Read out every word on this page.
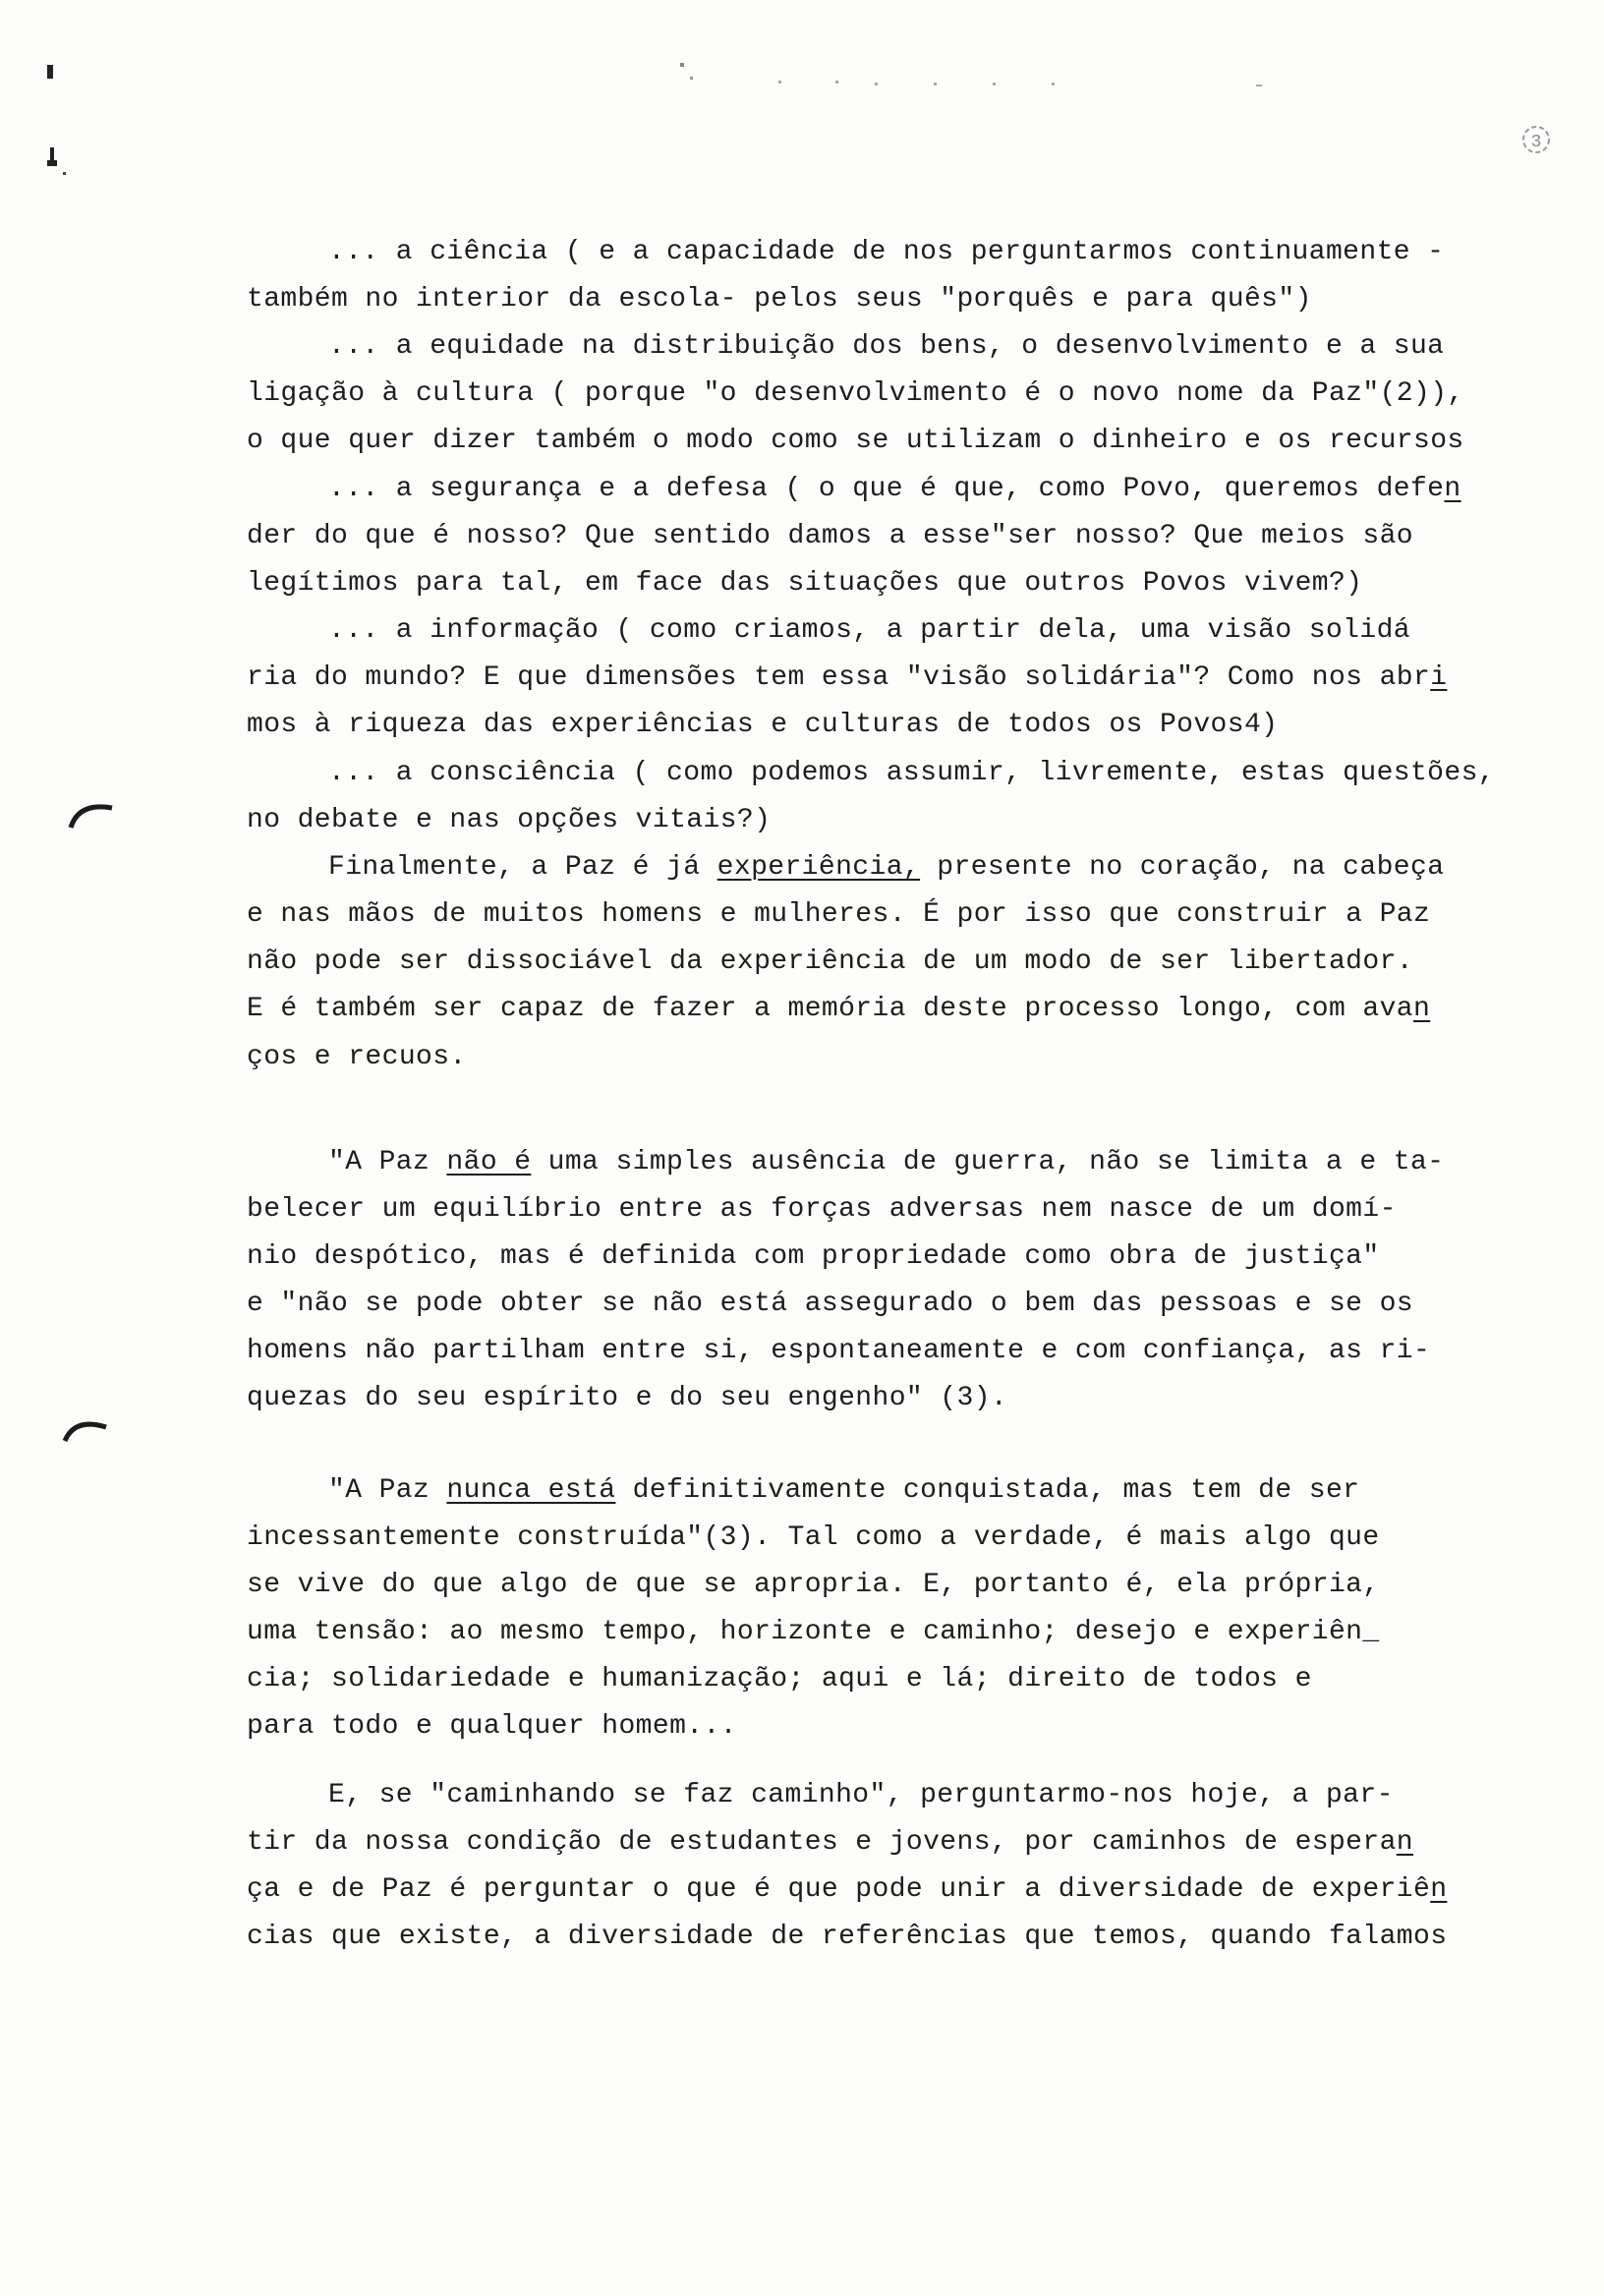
3
... a ciência ( e a capacidade de nos perguntarmos continuamente -
também no interior da escola- pelos seus "porquês e para quês")
... a equidade na distribuição dos bens, o desenvolvimento e a sua
ligação à cultura ( porque "o desenvolvimento é o novo nome da Paz"(2)),
o que quer dizer também o modo como se utilizam o dinheiro e os recursos
... a segurança e a defesa ( o que é que, como Povo, queremos defen
der do que é nosso? Que sentido damos a esse"ser nosso? Que meios são
legítimos para tal, em face das situações que outros Povos vivem?)
... a informação ( como criamos, a partir dela, uma visão solidá
ria do mundo? E que dimensões tem essa "visão solidária"? Como nos abri
mos à riqueza das experiências e culturas de todos os Povos4)
... a consciência ( como podemos assumir, livremente, estas questões,
no debate e nas opções vitais?)
Finalmente, a Paz é já experiência, presente no coração, na cabeça
e nas mãos de muitos homens e mulheres. É por isso que construir a Paz
não pode ser dissociável da experiência de um modo de ser libertador.
E é também ser capaz de fazer a memória deste processo longo, com avan
ços e recuos.
"A Paz não é uma simples ausência de guerra, não se limita a e ta-
belecer um equilíbrio entre as forças adversas nem nasce de um domí-
nio despótico, mas é definida com propriedade como obra de justiça"
e "não se pode obter se não está assegurado o bem das pessoas e se os
homens não partilham entre si, espontaneamente e com confiança, as ri-
quezas do seu espírito e do seu engenho" (3).
"A Paz nunca está definitivamente conquistada, mas tem de ser
incessantemente construída"(3). Tal como a verdade, é mais algo que
se vive do que algo de que se apropria. E, portanto é, ela própria,
uma tensão: ao mesmo tempo, horizonte e caminho; desejo e experiên_
cia; solidariedade e humanização; aqui e lá; direito de todos e
para todo e qualquer homem...
E, se "caminhando se faz caminho", perguntarmo-nos hoje, a par-
tir da nossa condição de estudantes e jovens, por caminhos de esperan
ça e de Paz é perguntar o que é que pode unir a diversidade de experiên
cias que existe, a diversidade de referências que temos, quando falamos
